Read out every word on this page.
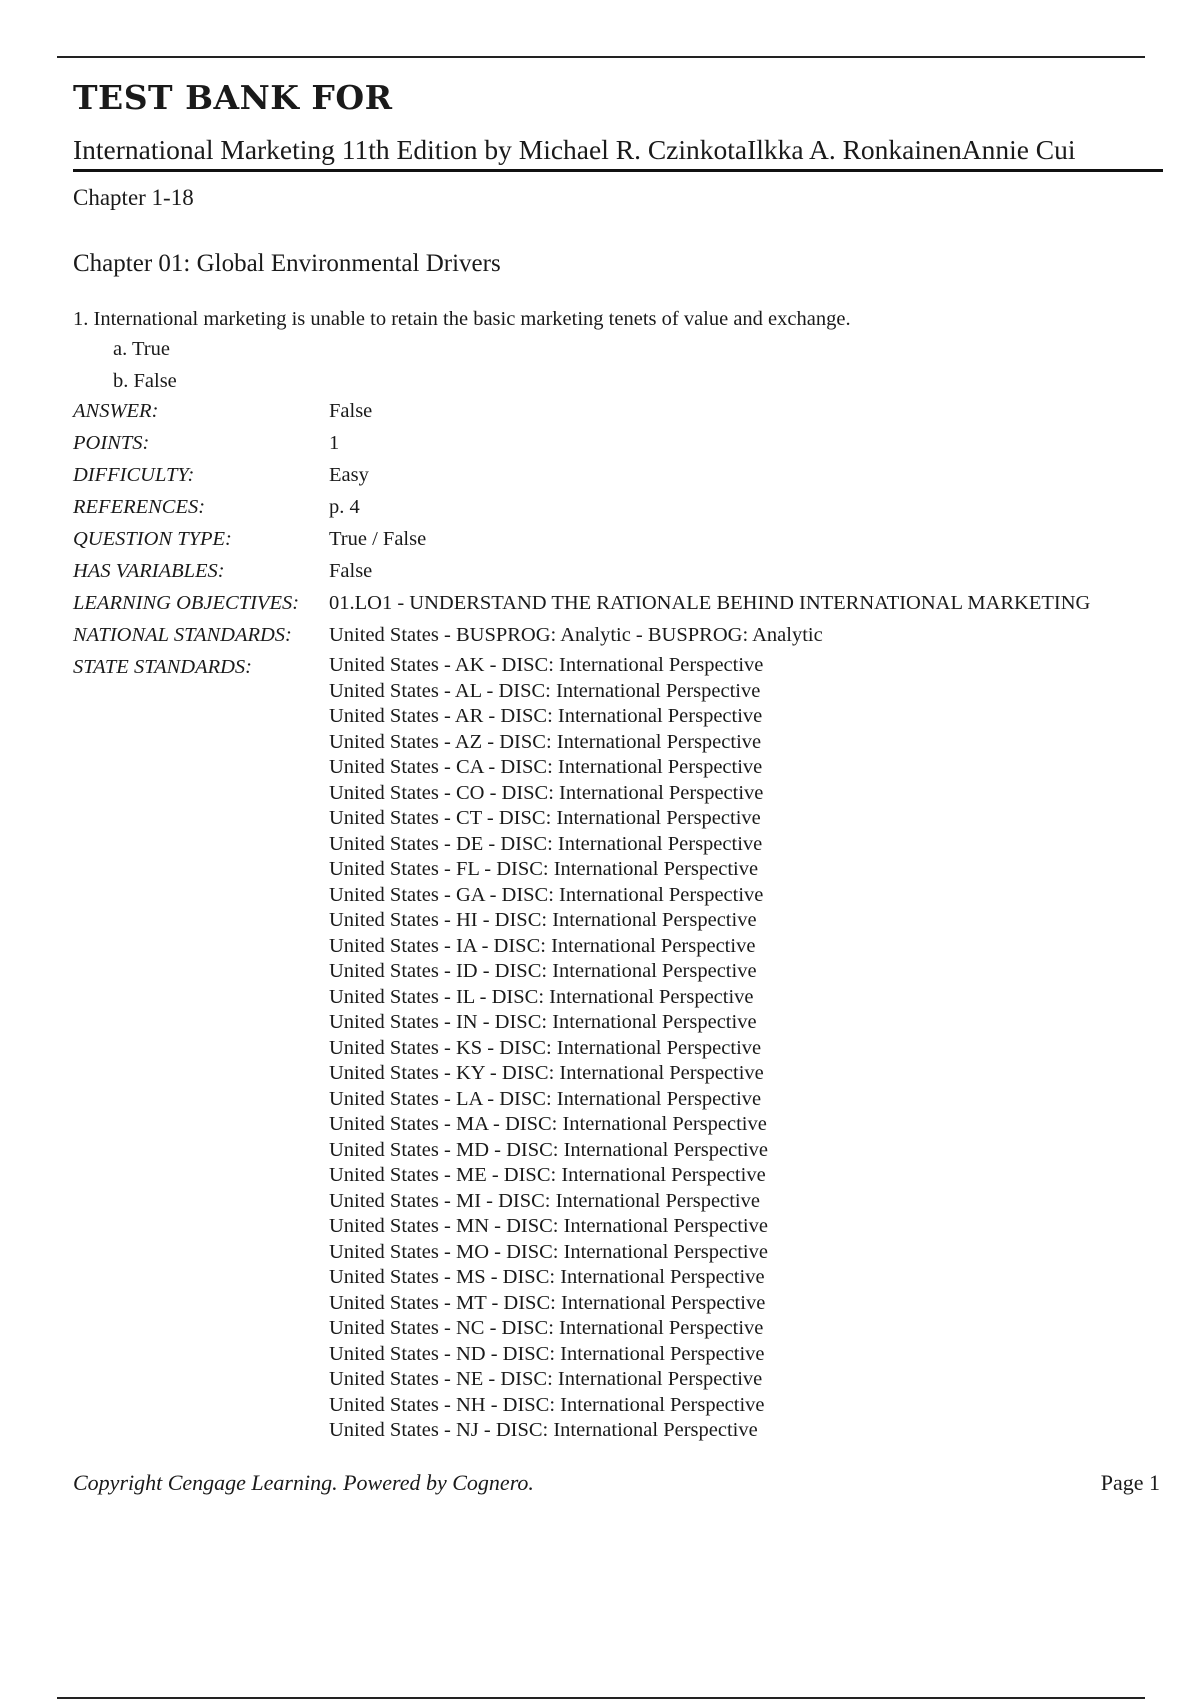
TEST BANK FOR
International Marketing 11th Edition by Michael R. CzinkotaIlkka A. RonkainenAnnie Cui
Chapter 1-18
Chapter 01: Global Environmental Drivers
1. International marketing is unable to retain the basic marketing tenets of value and exchange.
a. True
b. False
ANSWER:	False
POINTS:	1
DIFFICULTY:	Easy
REFERENCES:	p. 4
QUESTION TYPE:	True / False
HAS VARIABLES:	False
LEARNING OBJECTIVES:	01.LO1 - UNDERSTAND THE RATIONALE BEHIND INTERNATIONAL MARKETING
NATIONAL STANDARDS:	United States - BUSPROG: Analytic - BUSPROG: Analytic
STATE STANDARDS:	United States - AK - DISC: International Perspective
United States - AL - DISC: International Perspective
United States - AR - DISC: International Perspective
United States - AZ - DISC: International Perspective
United States - CA - DISC: International Perspective
United States - CO - DISC: International Perspective
United States - CT - DISC: International Perspective
United States - DE - DISC: International Perspective
United States - FL - DISC: International Perspective
United States - GA - DISC: International Perspective
United States - HI - DISC: International Perspective
United States - IA - DISC: International Perspective
United States - ID - DISC: International Perspective
United States - IL - DISC: International Perspective
United States - IN - DISC: International Perspective
United States - KS - DISC: International Perspective
United States - KY - DISC: International Perspective
United States - LA - DISC: International Perspective
United States - MA - DISC: International Perspective
United States - MD - DISC: International Perspective
United States - ME - DISC: International Perspective
United States - MI - DISC: International Perspective
United States - MN - DISC: International Perspective
United States - MO - DISC: International Perspective
United States - MS - DISC: International Perspective
United States - MT - DISC: International Perspective
United States - NC - DISC: International Perspective
United States - ND - DISC: International Perspective
United States - NE - DISC: International Perspective
United States - NH - DISC: International Perspective
United States - NJ - DISC: International Perspective
Copyright Cengage Learning. Powered by Cognero.	Page 1
